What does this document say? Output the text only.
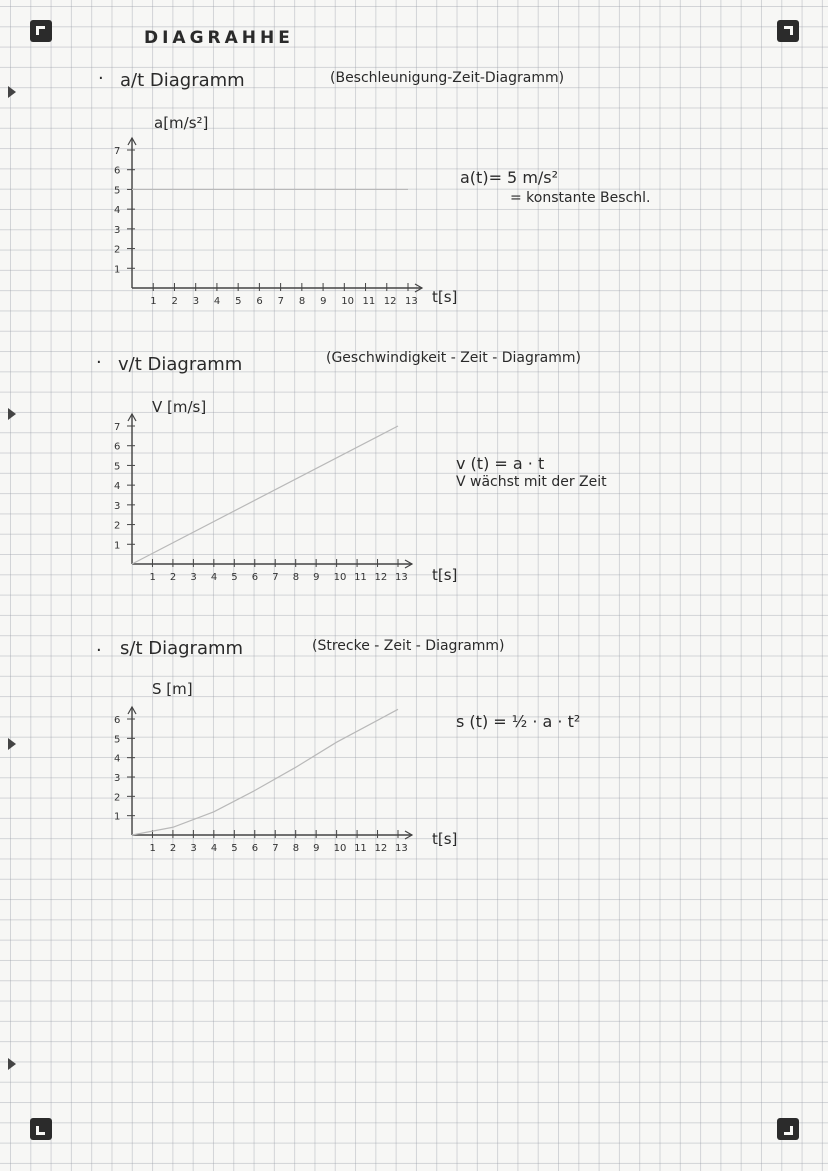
DIAGRAHHE
· a/t Diagramm	(Beschleunigung-Zeit-Diagramm)
a[m/s²]
a(t)= 5 m/s²
= konstante Beschl.
t[s]
7
6
5
4
3
2
1
1 2 3 4 5 6 7 8 9 10 11 12 13
· v/t Diagramm	(Geschwindigkeit - Zeit - Diagramm)
V [m/s]
v (t) = a · t
V wächst mit der Zeit
t[s]
7
6
5
4
3
2
1
1 2 3 4 5 6 7 8 9 10 11 12 13
· s/t Diagramm	(Strecke - Zeit - Diagramm)
S [m]
s (t) = ½ · a · t²
t[s]
6
5
4
3
2
1
1 2 3 4 5 6 7 8 9 10 11 12 13
